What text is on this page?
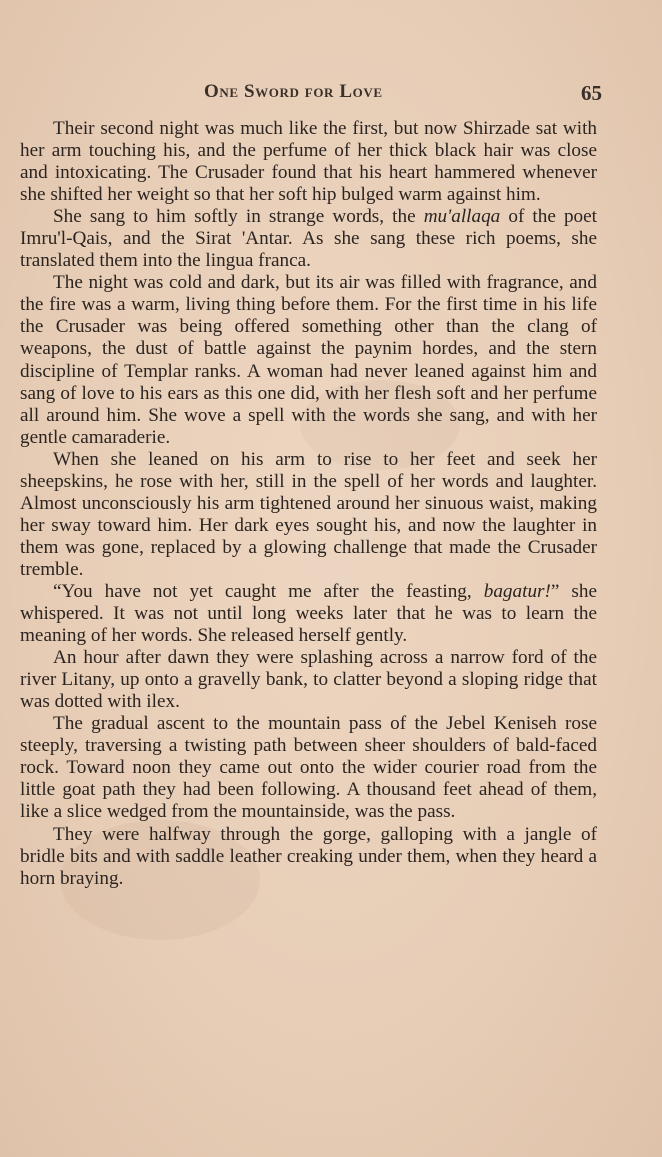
One Sword for Love	65

Their second night was much like the first, but now Shirzade sat with her arm touching his, and the perfume of her thick black hair was close and intoxicating. The Crusader found that his heart hammered whenever she shifted her weight so that her soft hip bulged warm against him.

She sang to him softly in strange words, the mu'allaqa of the poet Imru'l-Qais, and the Sirat 'Antar. As she sang these rich poems, she translated them into the lingua franca.

The night was cold and dark, but its air was filled with fragrance, and the fire was a warm, living thing before them. For the first time in his life the Crusader was being offered something other than the clang of weapons, the dust of battle against the paynim hordes, and the stern discipline of Templar ranks. A woman had never leaned against him and sang of love to his ears as this one did, with her flesh soft and her perfume all around him. She wove a spell with the words she sang, and with her gentle camaraderie.

When she leaned on his arm to rise to her feet and seek her sheepskins, he rose with her, still in the spell of her words and laughter. Almost unconsciously his arm tightened around her sinuous waist, making her sway toward him. Her dark eyes sought his, and now the laughter in them was gone, replaced by a glowing challenge that made the Crusader tremble.

“You have not yet caught me after the feasting, bagatur!” she whispered. It was not until long weeks later that he was to learn the meaning of her words. She released herself gently.

An hour after dawn they were splashing across a narrow ford of the river Litany, up onto a gravelly bank, to clatter beyond a sloping ridge that was dotted with ilex.

The gradual ascent to the mountain pass of the Jebel Keniseh rose steeply, traversing a twisting path between sheer shoulders of bald-faced rock. Toward noon they came out onto the wider courier road from the little goat path they had been following. A thousand feet ahead of them, like a slice wedged from the mountainside, was the pass.

They were halfway through the gorge, galloping with a jangle of bridle bits and with saddle leather creaking under them, when they heard a horn braying.
